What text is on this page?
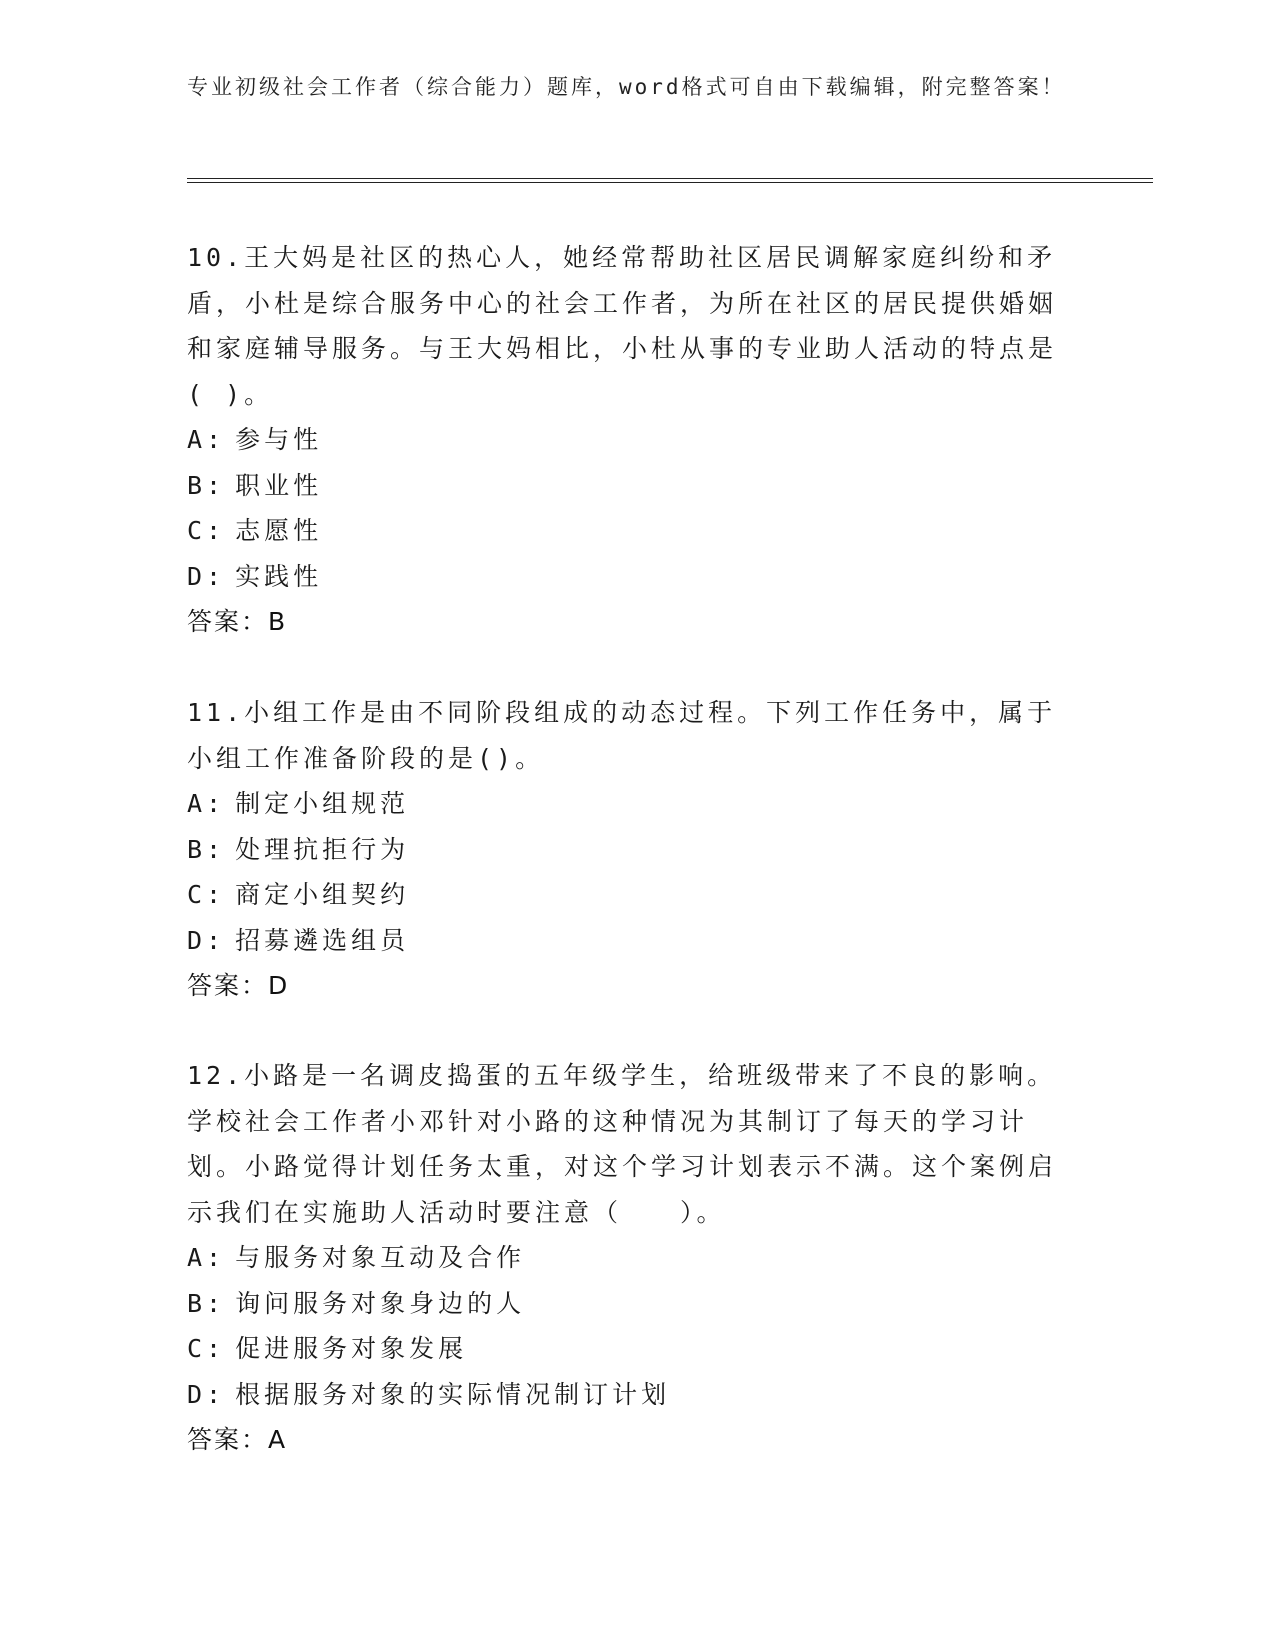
专业初级社会工作者（综合能力）题库，word格式可自由下载编辑，附完整答案！

10.王大妈是社区的热心人，她经常帮助社区居民调解家庭纠纷和矛盾，小杜是综合服务中心的社会工作者，为所在社区的居民提供婚姻和家庭辅导服务。与王大妈相比，小杜从事的专业助人活动的特点是( )。

A: 参与性

B: 职业性

C: 志愿性

D: 实践性

答案：B

11.小组工作是由不同阶段组成的动态过程。下列工作任务中，属于小组工作准备阶段的是()。

A: 制定小组规范

B: 处理抗拒行为

C: 商定小组契约

D: 招募遴选组员

答案：D

12.小路是一名调皮捣蛋的五年级学生，给班级带来了不良的影响。学校社会工作者小邓针对小路的这种情况为其制订了每天的学习计划。小路觉得计划任务太重，对这个学习计划表示不满。这个案例启示我们在实施助人活动时要注意（　　）。

A: 与服务对象互动及合作

B: 询问服务对象身边的人

C: 促进服务对象发展

D: 根据服务对象的实际情况制订计划

答案：A
